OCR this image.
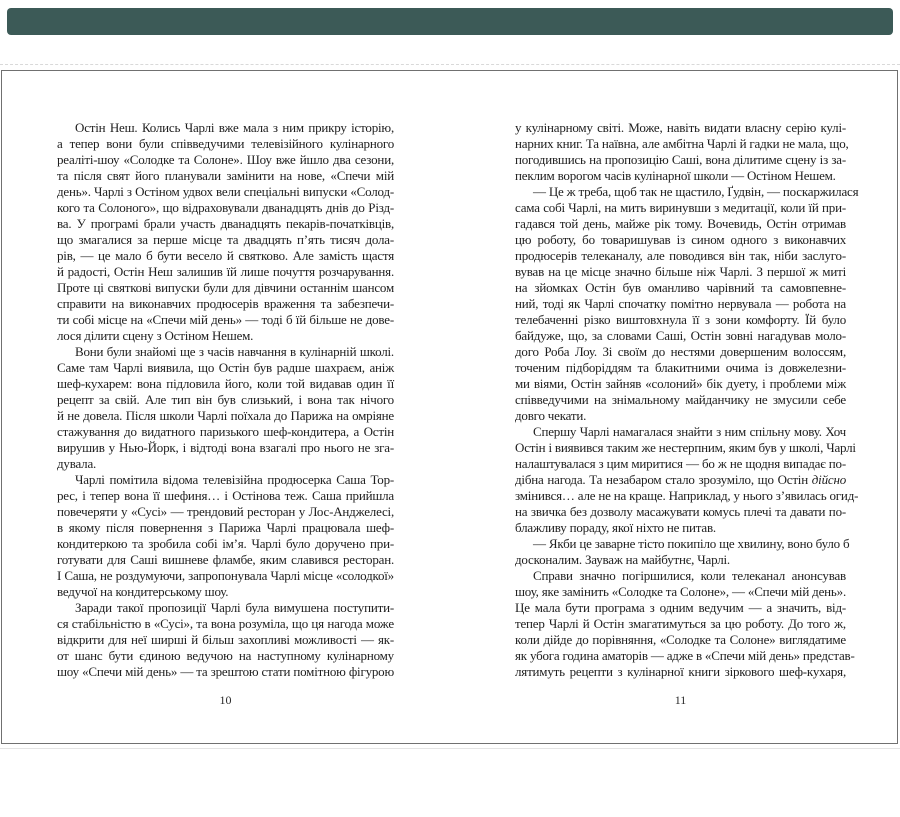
Остін Неш. Колись Чарлі вже мала з ним прикру історію,
а тепер вони були співведучими телевізійного кулінарного
реаліті-шоу «Солодке та Солоне». Шоу вже йшло два сезони,
та після свят його планували замінити на нове, «Спечи мій
день». Чарлі з Остіном удвох вели спеціальні випуски «Солод-
кого та Солоного», що відраховували дванадцять днів до Різд-
ва. У програмі брали участь дванадцять пекарів-початківців,
що змагалися за перше місце та двадцять п’ять тисяч дола-
рів, — це мало б бути весело й святково. Але замість щастя
й радості, Остін Неш залишив їй лише почуття розчарування.
Проте ці святкові випуски були для дівчини останнім шансом
справити на виконавчих продюсерів враження та забезпечи-
ти собі місце на «Спечи мій день» — тоді б їй більше не дове-
лося ділити сцену з Остіном Нешем.
Вони були знайомі ще з часів навчання в кулінарній школі.
Саме там Чарлі виявила, що Остін був радше шахраєм, аніж
шеф-кухарем: вона підловила його, коли той видавав один її
рецепт за свій. Але тип він був слизький, і вона так нічого
й не довела. Після школи Чарлі поїхала до Парижа на омріяне
стажування до видатного паризького шеф-кондитера, а Остін
вирушив у Нью-Йорк, і відтоді вона взагалі про нього не зга-
дувала.
Чарлі помітила відома телевізійна продюсерка Саша Тор-
рес, і тепер вона її шефиня… і Остінова теж. Саша прийшла
повечеряти у «Сусі» — трендовий ресторан у Лос-Анджелесі,
в якому після повернення з Парижа Чарлі працювала шеф-
кондитеркою та зробила собі ім’я. Чарлі було доручено при-
готувати для Саші вишневе фламбе, яким славився ресторан.
І Саша, не роздумуючи, запропонувала Чарлі місце «солодкої»
ведучої на кондитерському шоу.
Заради такої пропозиції Чарлі була вимушена поступити-
ся стабільністю в «Сусі», та вона розуміла, що ця нагода може
відкрити для неї ширші й більш захопливі можливості — як-
от шанс бути єдиною ведучою на наступному кулінарному
шоу «Спечи мій день» — та зрештою стати помітною фігурою
10
у кулінарному світі. Може, навіть видати власну серію кулі-
нарних книг. Та наївна, але амбітна Чарлі й гадки не мала, що,
погодившись на пропозицію Саші, вона ділитиме сцену із за-
пеклим ворогом часів кулінарної школи — Остіном Нешем.
— Це ж треба, щоб так не щастило, Ґудвін, — поскаржилася
сама собі Чарлі, на мить виринувши з медитації, коли їй при-
гадався той день, майже рік тому. Вочевидь, Остін отримав
цю роботу, бо товаришував із сином одного з виконавчих
продюсерів телеканалу, але поводився він так, ніби заслуго-
вував на це місце значно більше ніж Чарлі. З першої ж миті
на зйомках Остін був оманливо чарівний та самовпевне-
ний, тоді як Чарлі спочатку помітно нервувала — робота на
телебаченні різко виштовхнула її з зони комфорту. Їй було
байдуже, що, за словами Саші, Остін зовні нагадував моло-
дого Роба Лоу. Зі своїм до нестями довершеним волоссям,
точеним підборіддям та блакитними очима із довжелезни-
ми віями, Остін зайняв «солоний» бік дуету, і проблеми між
співведучими на знімальному майданчику не змусили себе
довго чекати.
Спершу Чарлі намагалася знайти з ним спільну мову. Хоч
Остін і виявився таким же нестерпним, яким був у школі, Чарлі
налаштувалася з цим миритися — бо ж не щодня випадає по-
дібна нагода. Та незабаром стало зрозуміло, що Остін дійсно
змінився… але не на краще. Наприклад, у нього з’явилась огид-
на звичка без дозволу масажувати комусь плечі та давати по-
блажливу пораду, якої ніхто не питав.
— Якби це заварне тісто покипіло ще хвилину, воно було б
досконалим. Зауваж на майбутнє, Чарлі.
Справи значно погіршилися, коли телеканал анонсував
шоу, яке замінить «Солодке та Солоне», — «Спечи мій день».
Це мала бути програма з одним ведучим — а значить, від-
тепер Чарлі й Остін змагатимуться за цю роботу. До того ж,
коли дійде до порівняння, «Солодке та Солоне» виглядатиме
як убога година аматорів — адже в «Спечи мій день» представ-
лятимуть рецепти з кулінарної книги зіркового шеф-кухаря,
11
